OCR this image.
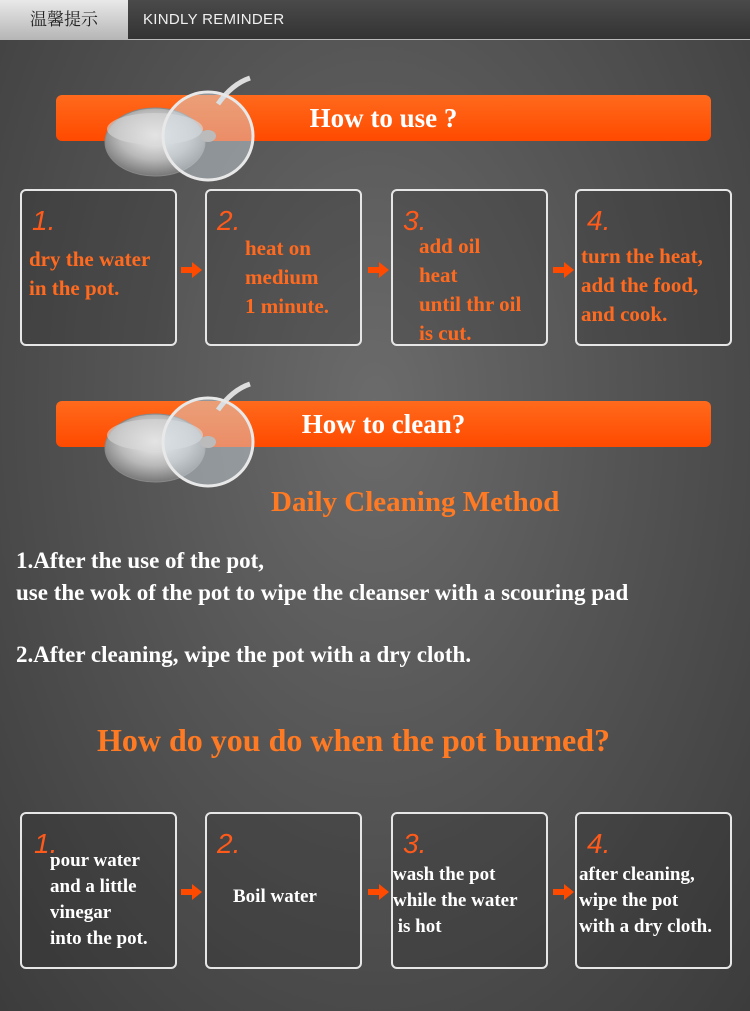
温馨提示	KINDLY REMINDER
How to use ?
1.
dry the water
in the pot.
2.
heat on
medium
1 minute.
3.
add oil
heat
until thr oil
is cut.
4.
turn the heat,
add the food,
and cook.
How to clean?
Daily Cleaning Method
1.After the use of the pot,
use the wok of the pot to wipe the cleanser with a scouring pad
2.After cleaning, wipe the pot with a dry cloth.
How do you do when the pot burned?
1.
pour water
and a little
vinegar
into the pot.
2.
Boil water
3.
wash the pot
while the water
is hot
4.
after cleaning,
wipe the pot
with a dry cloth.
